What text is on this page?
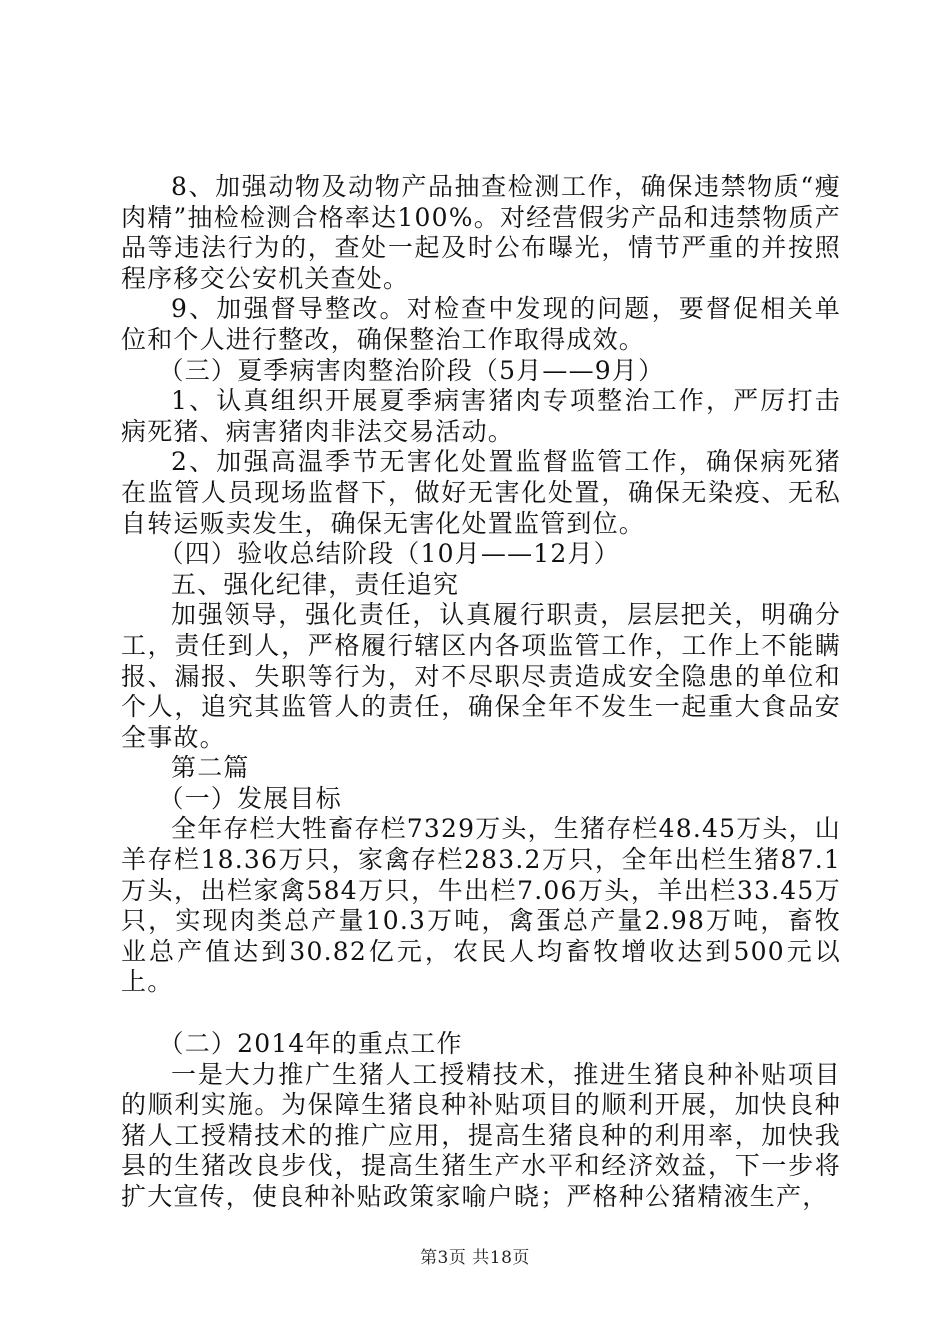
8、加强动物及动物产品抽查检测工作，确保违禁物质“瘦肉精”抽检检测合格率达100%。对经营假劣产品和违禁物质产品等违法行为的，查处一起及时公布曝光，情节严重的并按照程序移交公安机关查处。

9、加强督导整改。对检查中发现的问题，要督促相关单位和个人进行整改，确保整治工作取得成效。

（三）夏季病害肉整治阶段（5月——9月）

1、认真组织开展夏季病害猪肉专项整治工作，严厉打击病死猪、病害猪肉非法交易活动。

2、加强高温季节无害化处置监督监管工作，确保病死猪在监管人员现场监督下，做好无害化处置，确保无染疫、无私自转运贩卖发生，确保无害化处置监管到位。

（四）验收总结阶段（10月——12月）

五、强化纪律，责任追究

加强领导，强化责任，认真履行职责，层层把关，明确分工，责任到人，严格履行辖区内各项监管工作，工作上不能瞒报、漏报、失职等行为，对不尽职尽责造成安全隐患的单位和个人，追究其监管人的责任，确保全年不发生一起重大食品安全事故。

第二篇

（一）发展目标

全年存栏大牲畜存栏7329万头，生猪存栏48.45万头，山羊存栏18.36万只，家禽存栏283.2万只，全年出栏生猪87.1万头，出栏家禽584万只，牛出栏7.06万头，羊出栏33.45万只，实现肉类总产量10.3万吨，禽蛋总产量2.98万吨，畜牧业总产值达到30.82亿元，农民人均畜牧增收达到500元以上。

（二）2014年的重点工作

一是大力推广生猪人工授精技术，推进生猪良种补贴项目的顺利实施。为保障生猪良种补贴项目的顺利开展，加快良种猪人工授精技术的推广应用，提高生猪良种的利用率，加快我县的生猪改良步伐，提高生猪生产水平和经济效益，下一步将扩大宣传，使良种补贴政策家喻户晓；严格种公猪精液生产，

第3页 共18页
